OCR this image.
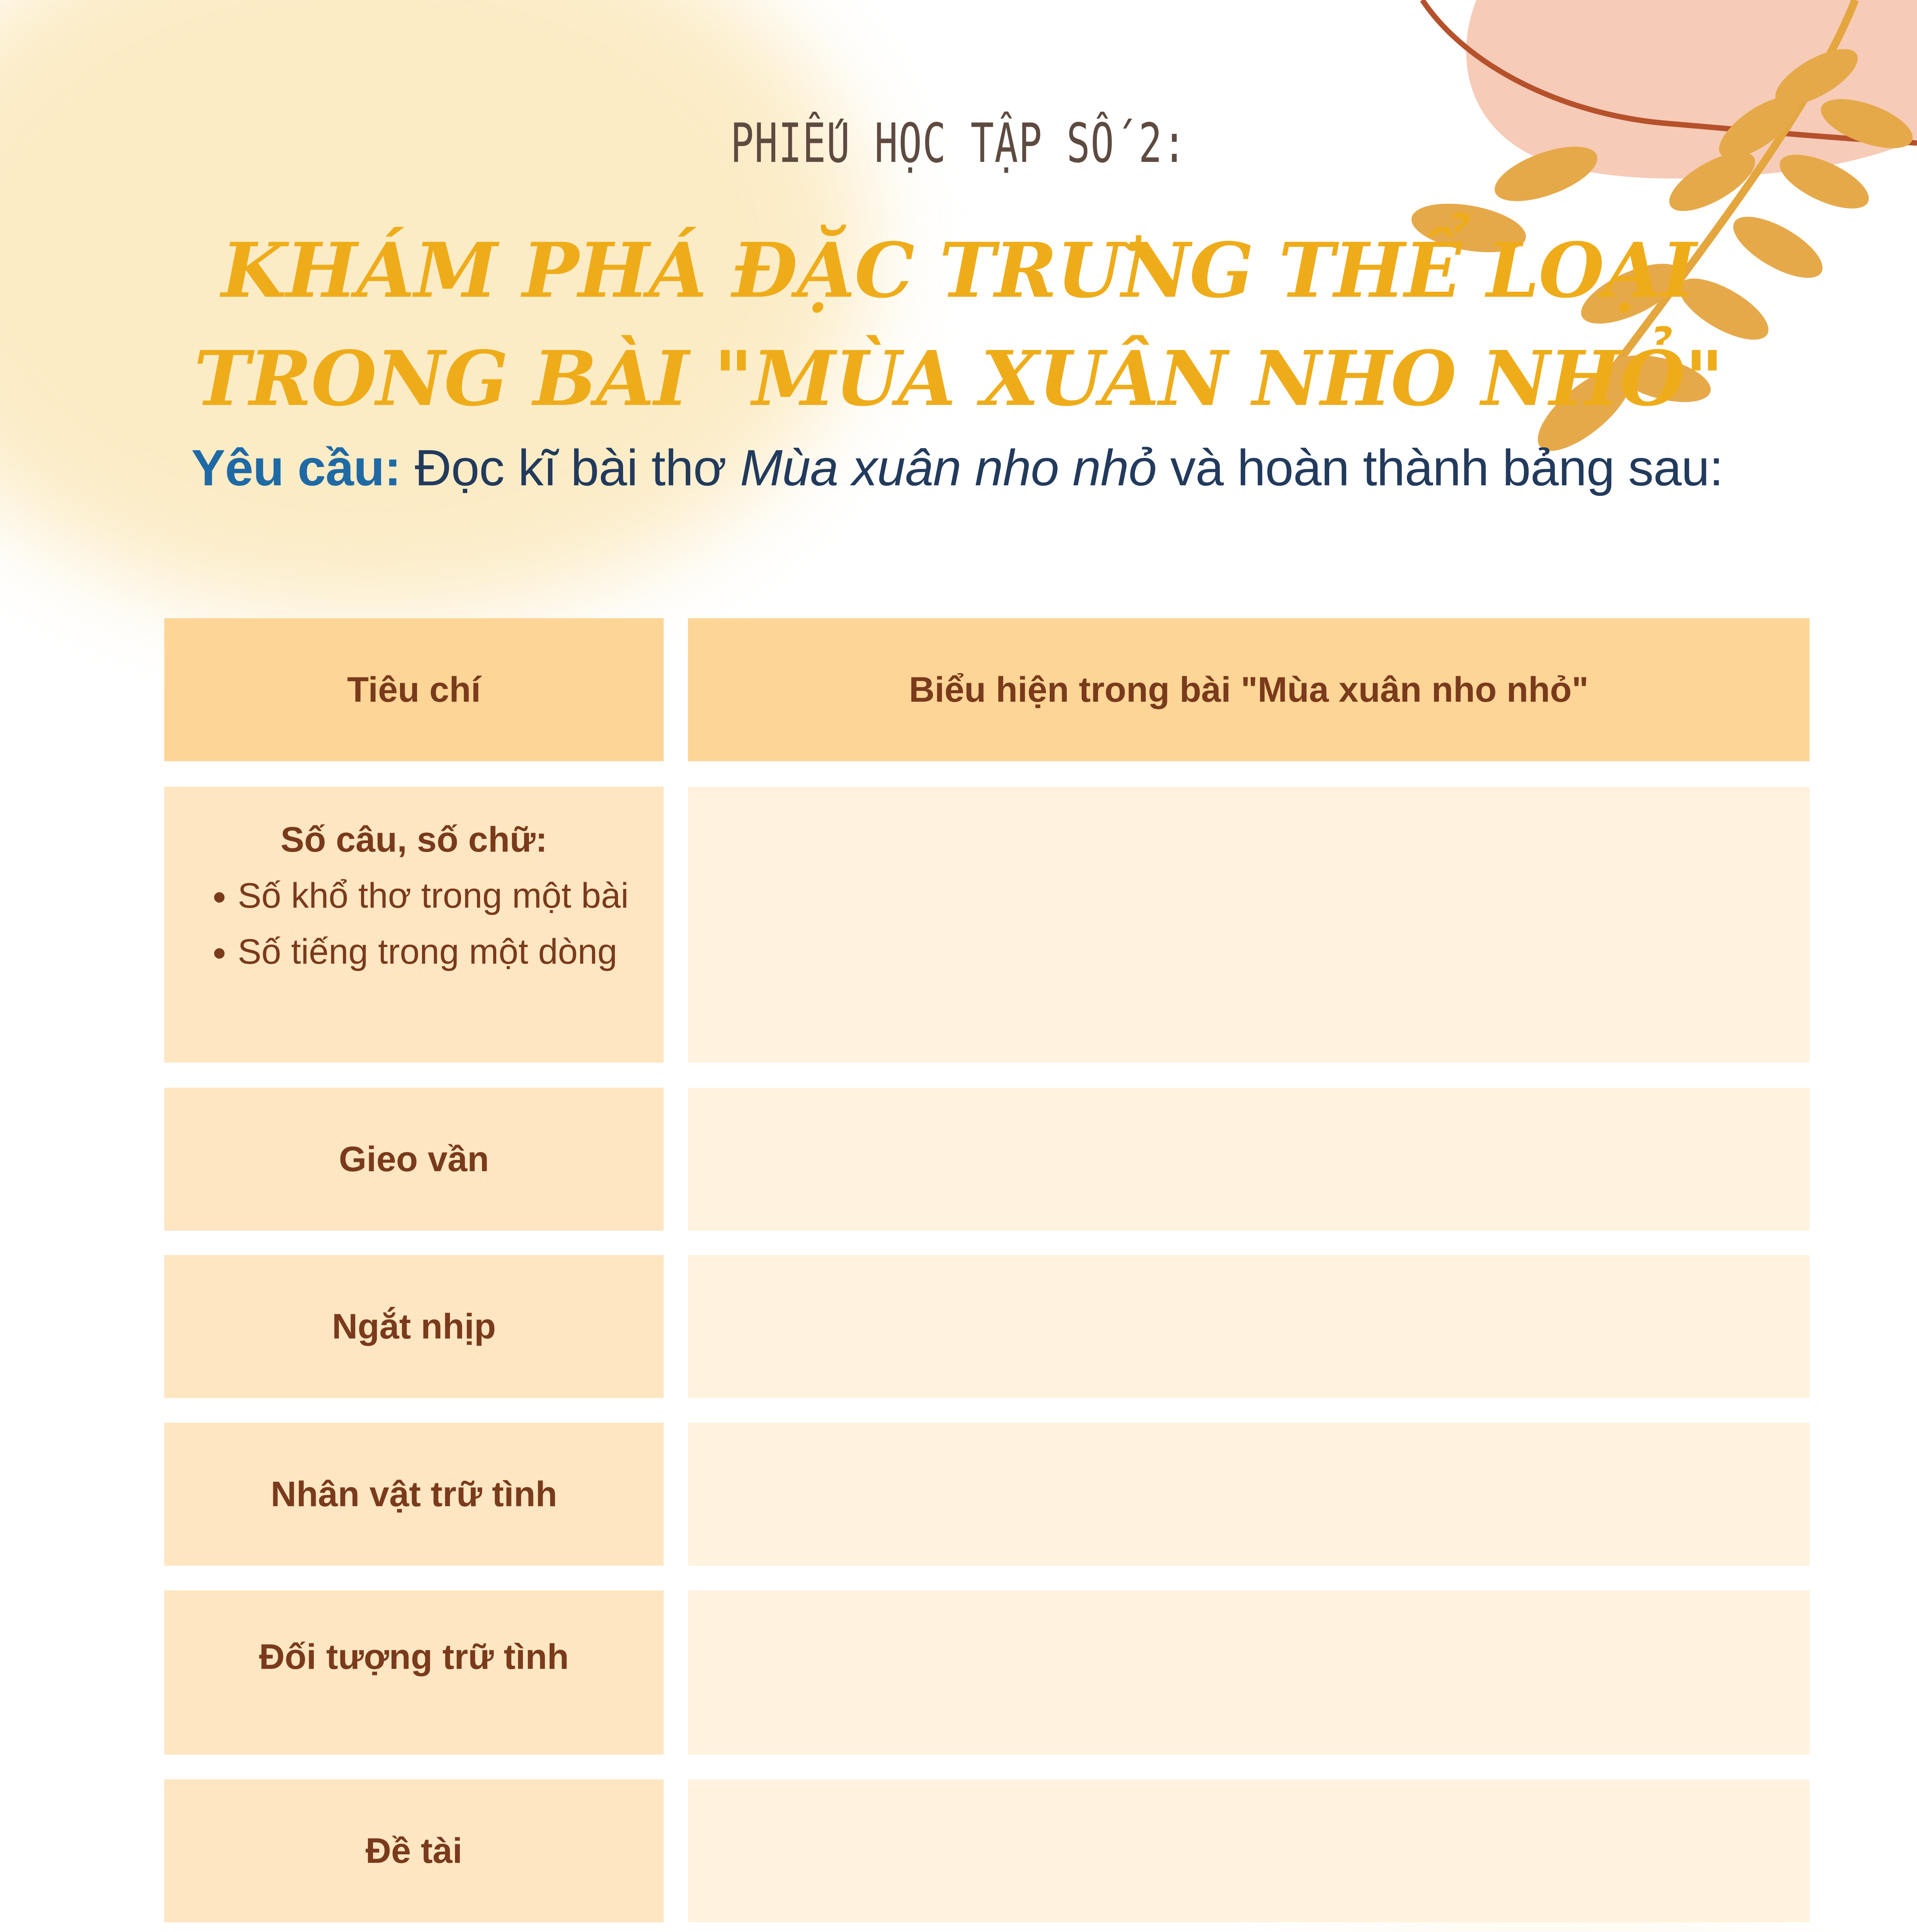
PHIẾU HỌC TẬP SỐ 2:
KHÁM PHÁ ĐẶC TRƯNG THỂ LOẠI
TRONG BÀI "MÙA XUÂN NHO NHỎ"
Yêu cầu: Đọc kĩ bài thơ Mùa xuân nho nhỏ và hoàn thành bảng sau:
Tiêu chí	Biểu hiện trong bài "Mùa xuân nho nhỏ"
Số câu, số chữ:
• Số khổ thơ trong một bài
• Số tiếng trong một dòng
Gieo vần
Ngắt nhịp
Nhân vật trữ tình
Đối tượng trữ tình
Đề tài
